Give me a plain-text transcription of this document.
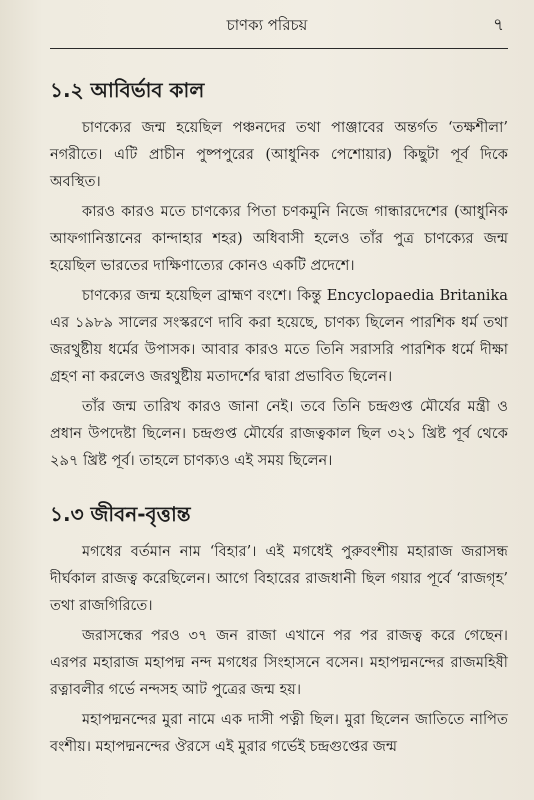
চাণক্য পরিচয়	৭
১.২ আবির্ভাব কাল

চাণক্যের জন্ম হয়েছিল পঞ্চনদের তথা পাঞ্জাবের অন্তর্গত ‘তক্ষশীলা’ নগরীতে। এটি প্রাচীন পুষ্পপুরের (আধুনিক পেশোয়ার) কিছুটা পূর্ব দিকে অবস্থিত।

কারও কারও মতে চাণক্যের পিতা চণকমুনি নিজে গান্ধারদেশের (আধুনিক আফগানিস্তানের কান্দাহার শহর) অধিবাসী হলেও তাঁর পুত্র চাণক্যের জন্ম হয়েছিল ভারতের দাক্ষিণাত্যের কোনও একটি প্রদেশে।

চাণক্যের জন্ম হয়েছিল ব্রাহ্মণ বংশে। কিন্তু Encyclopaedia Britanika এর ১৯৮৯ সালের সংস্করণে দাবি করা হয়েছে, চাণক্য ছিলেন পারশিক ধর্ম তথা জরথুষ্টীয় ধর্মের উপাসক। আবার কারও মতে তিনি সরাসরি পারশিক ধর্মে দীক্ষা গ্রহণ না করলেও জরথুষ্টীয় মতাদর্শের দ্বারা প্রভাবিত ছিলেন।

তাঁর জন্ম তারিখ কারও জানা নেই। তবে তিনি চন্দ্রগুপ্ত মৌর্যের মন্ত্রী ও প্রধান উপদেষ্টা ছিলেন। চন্দ্রগুপ্ত মৌর্যের রাজত্বকাল ছিল ৩২১ খ্রিষ্ট পূর্ব থেকে ২৯৭ খ্রিষ্ট পূর্ব। তাহলে চাণক্যও এই সময় ছিলেন।

১.৩ জীবন-বৃত্তান্ত

মগধের বর্তমান নাম ‘বিহার’। এই মগধেই পুরুবংশীয় মহারাজ জরাসন্ধ দীর্ঘকাল রাজত্ব করেছিলেন। আগে বিহারের রাজধানী ছিল গয়ার পূর্বে ‘রাজগৃহ’ তথা রাজগিরিতে।

জরাসন্ধের পরও ৩৭ জন রাজা এখানে পর পর রাজত্ব করে গেছেন। এরপর মহারাজ মহাপদ্ম নন্দ মগধের সিংহাসনে বসেন। মহাপদ্মনন্দের রাজমহিষী রত্নাবলীর গর্ভে নন্দসহ আট পুত্রের জন্ম হয়।

মহাপদ্মনন্দের মুরা নামে এক দাসী পত্নী ছিল। মুরা ছিলেন জাতিতে নাপিত বংশীয়। মহাপদ্মনন্দের ঔরসে এই মুরার গর্ভেই চন্দ্রগুপ্তের জন্ম
